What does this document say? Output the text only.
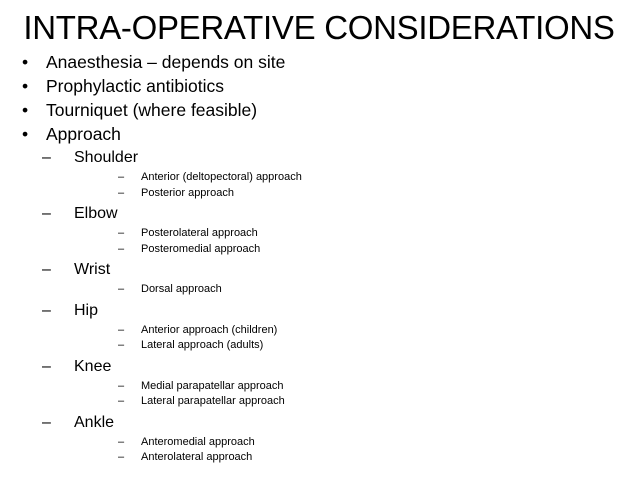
INTRA-OPERATIVE CONSIDERATIONS
• Anaesthesia – depends on site
• Prophylactic antibiotics
• Tourniquet (where feasible)
• Approach
– Shoulder
– Anterior (deltopectoral) approach
– Posterior approach
– Elbow
– Posterolateral approach
– Posteromedial approach
– Wrist
– Dorsal approach
– Hip
– Anterior approach (children)
– Lateral approach (adults)
– Knee
– Medial parapatellar approach
– Lateral parapatellar approach
– Ankle
– Anteromedial approach
– Anterolateral approach
